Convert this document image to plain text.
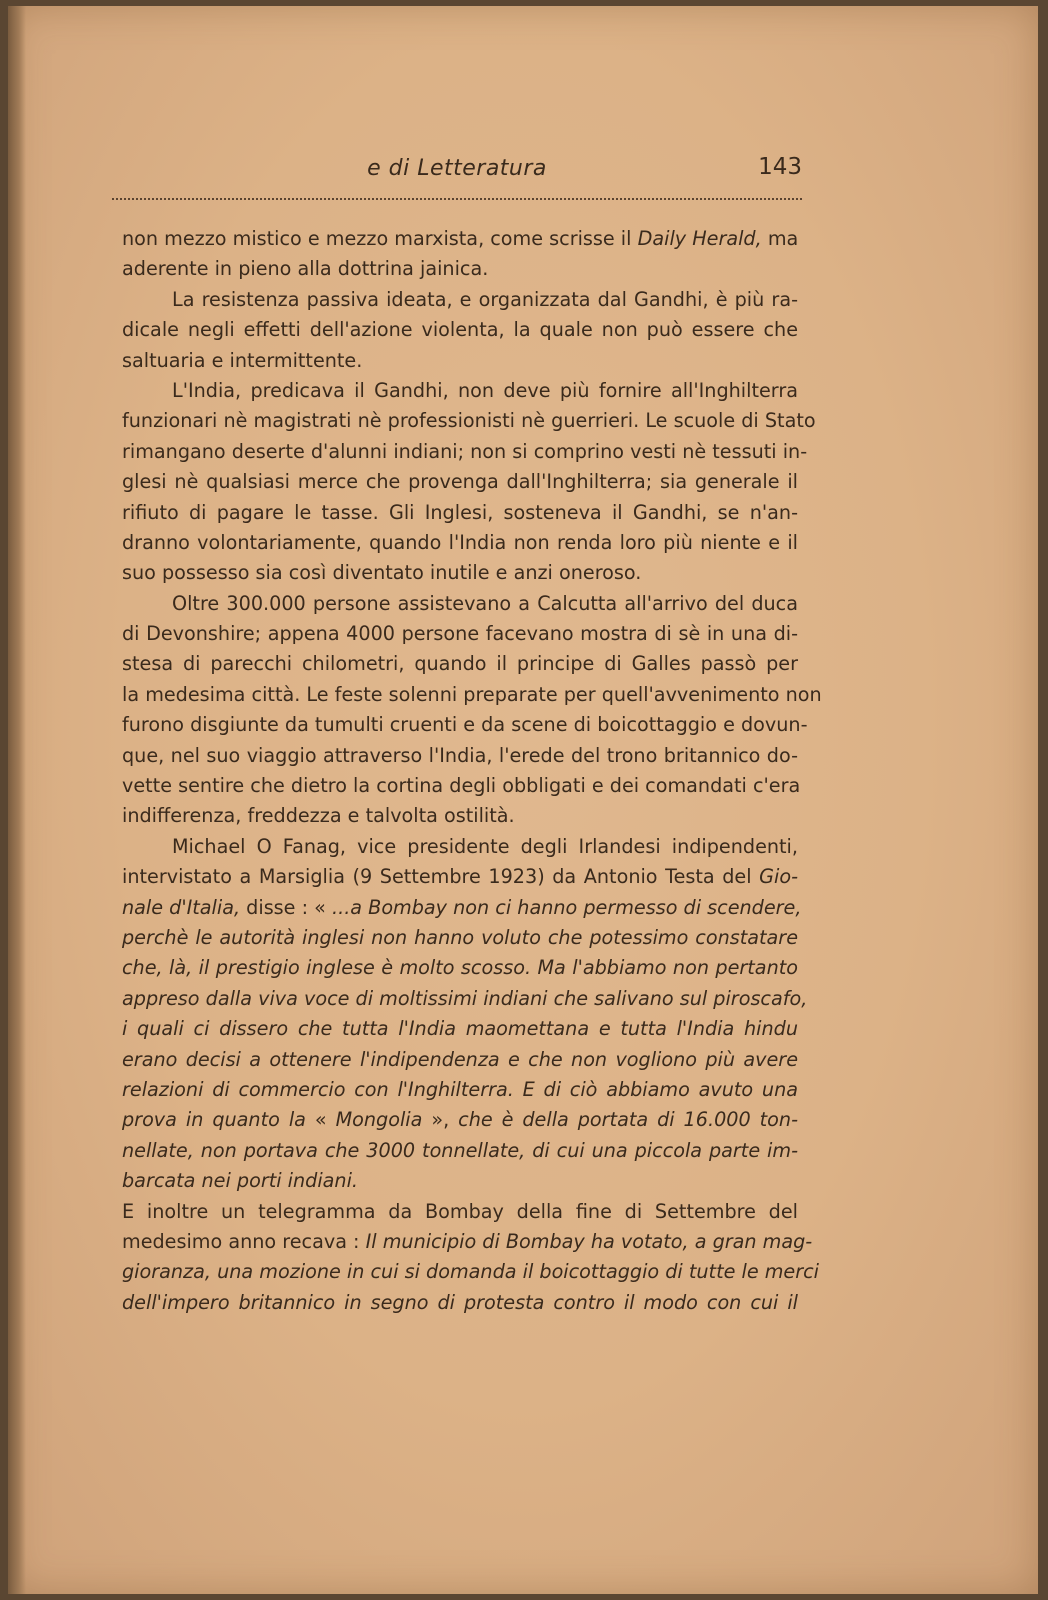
e di Letteratura	143
non mezzo mistico e mezzo marxista, come scrisse il Daily Herald, ma
aderente in pieno alla dottrina jainica.
La resistenza passiva ideata, e organizzata dal Gandhi, è più ra-
dicale negli effetti dell'azione violenta, la quale non può essere che
saltuaria e intermittente.
L'India, predicava il Gandhi, non deve più fornire all'Inghilterra
funzionari nè magistrati nè professionisti nè guerrieri. Le scuole di Stato
rimangano deserte d'alunni indiani; non si comprino vesti nè tessuti in-
glesi nè qualsiasi merce che provenga dall'Inghilterra; sia generale il
rifiuto di pagare le tasse. Gli Inglesi, sosteneva il Gandhi, se n'an-
dranno volontariamente, quando l'India non renda loro più niente e il
suo possesso sia così diventato inutile e anzi oneroso.
Oltre 300.000 persone assistevano a Calcutta all'arrivo del duca
di Devonshire; appena 4000 persone facevano mostra di sè in una di-
stesa di parecchi chilometri, quando il principe di Galles passò per
la medesima città. Le feste solenni preparate per quell'avvenimento non
furono disgiunte da tumulti cruenti e da scene di boicottaggio e dovun-
que, nel suo viaggio attraverso l'India, l'erede del trono britannico do-
vette sentire che dietro la cortina degli obbligati e dei comandati c'era
indifferenza, freddezza e talvolta ostilità.
Michael O Fanag, vice presidente degli Irlandesi indipendenti,
intervistato a Marsiglia (9 Settembre 1923) da Antonio Testa del Gio-
nale d'Italia, disse : « ...a Bombay non ci hanno permesso di scendere,
perchè le autorità inglesi non hanno voluto che potessimo constatare
che, là, il prestigio inglese è molto scosso. Ma l'abbiamo non pertanto
appreso dalla viva voce di moltissimi indiani che salivano sul piroscafo,
i quali ci dissero che tutta l'India maomettana e tutta l'India hindu
erano decisi a ottenere l'indipendenza e che non vogliono più avere
relazioni di commercio con l'Inghilterra. E di ciò abbiamo avuto una
prova in quanto la « Mongolia », che è della portata di 16.000 ton-
nellate, non portava che 3000 tonnellate, di cui una piccola parte im-
barcata nei porti indiani.
E inoltre un telegramma da Bombay della fine di Settembre del
medesimo anno recava : Il municipio di Bombay ha votato, a gran mag-
gioranza, una mozione in cui si domanda il boicottaggio di tutte le merci
dell'impero britannico in segno di protesta contro il modo con cui il
